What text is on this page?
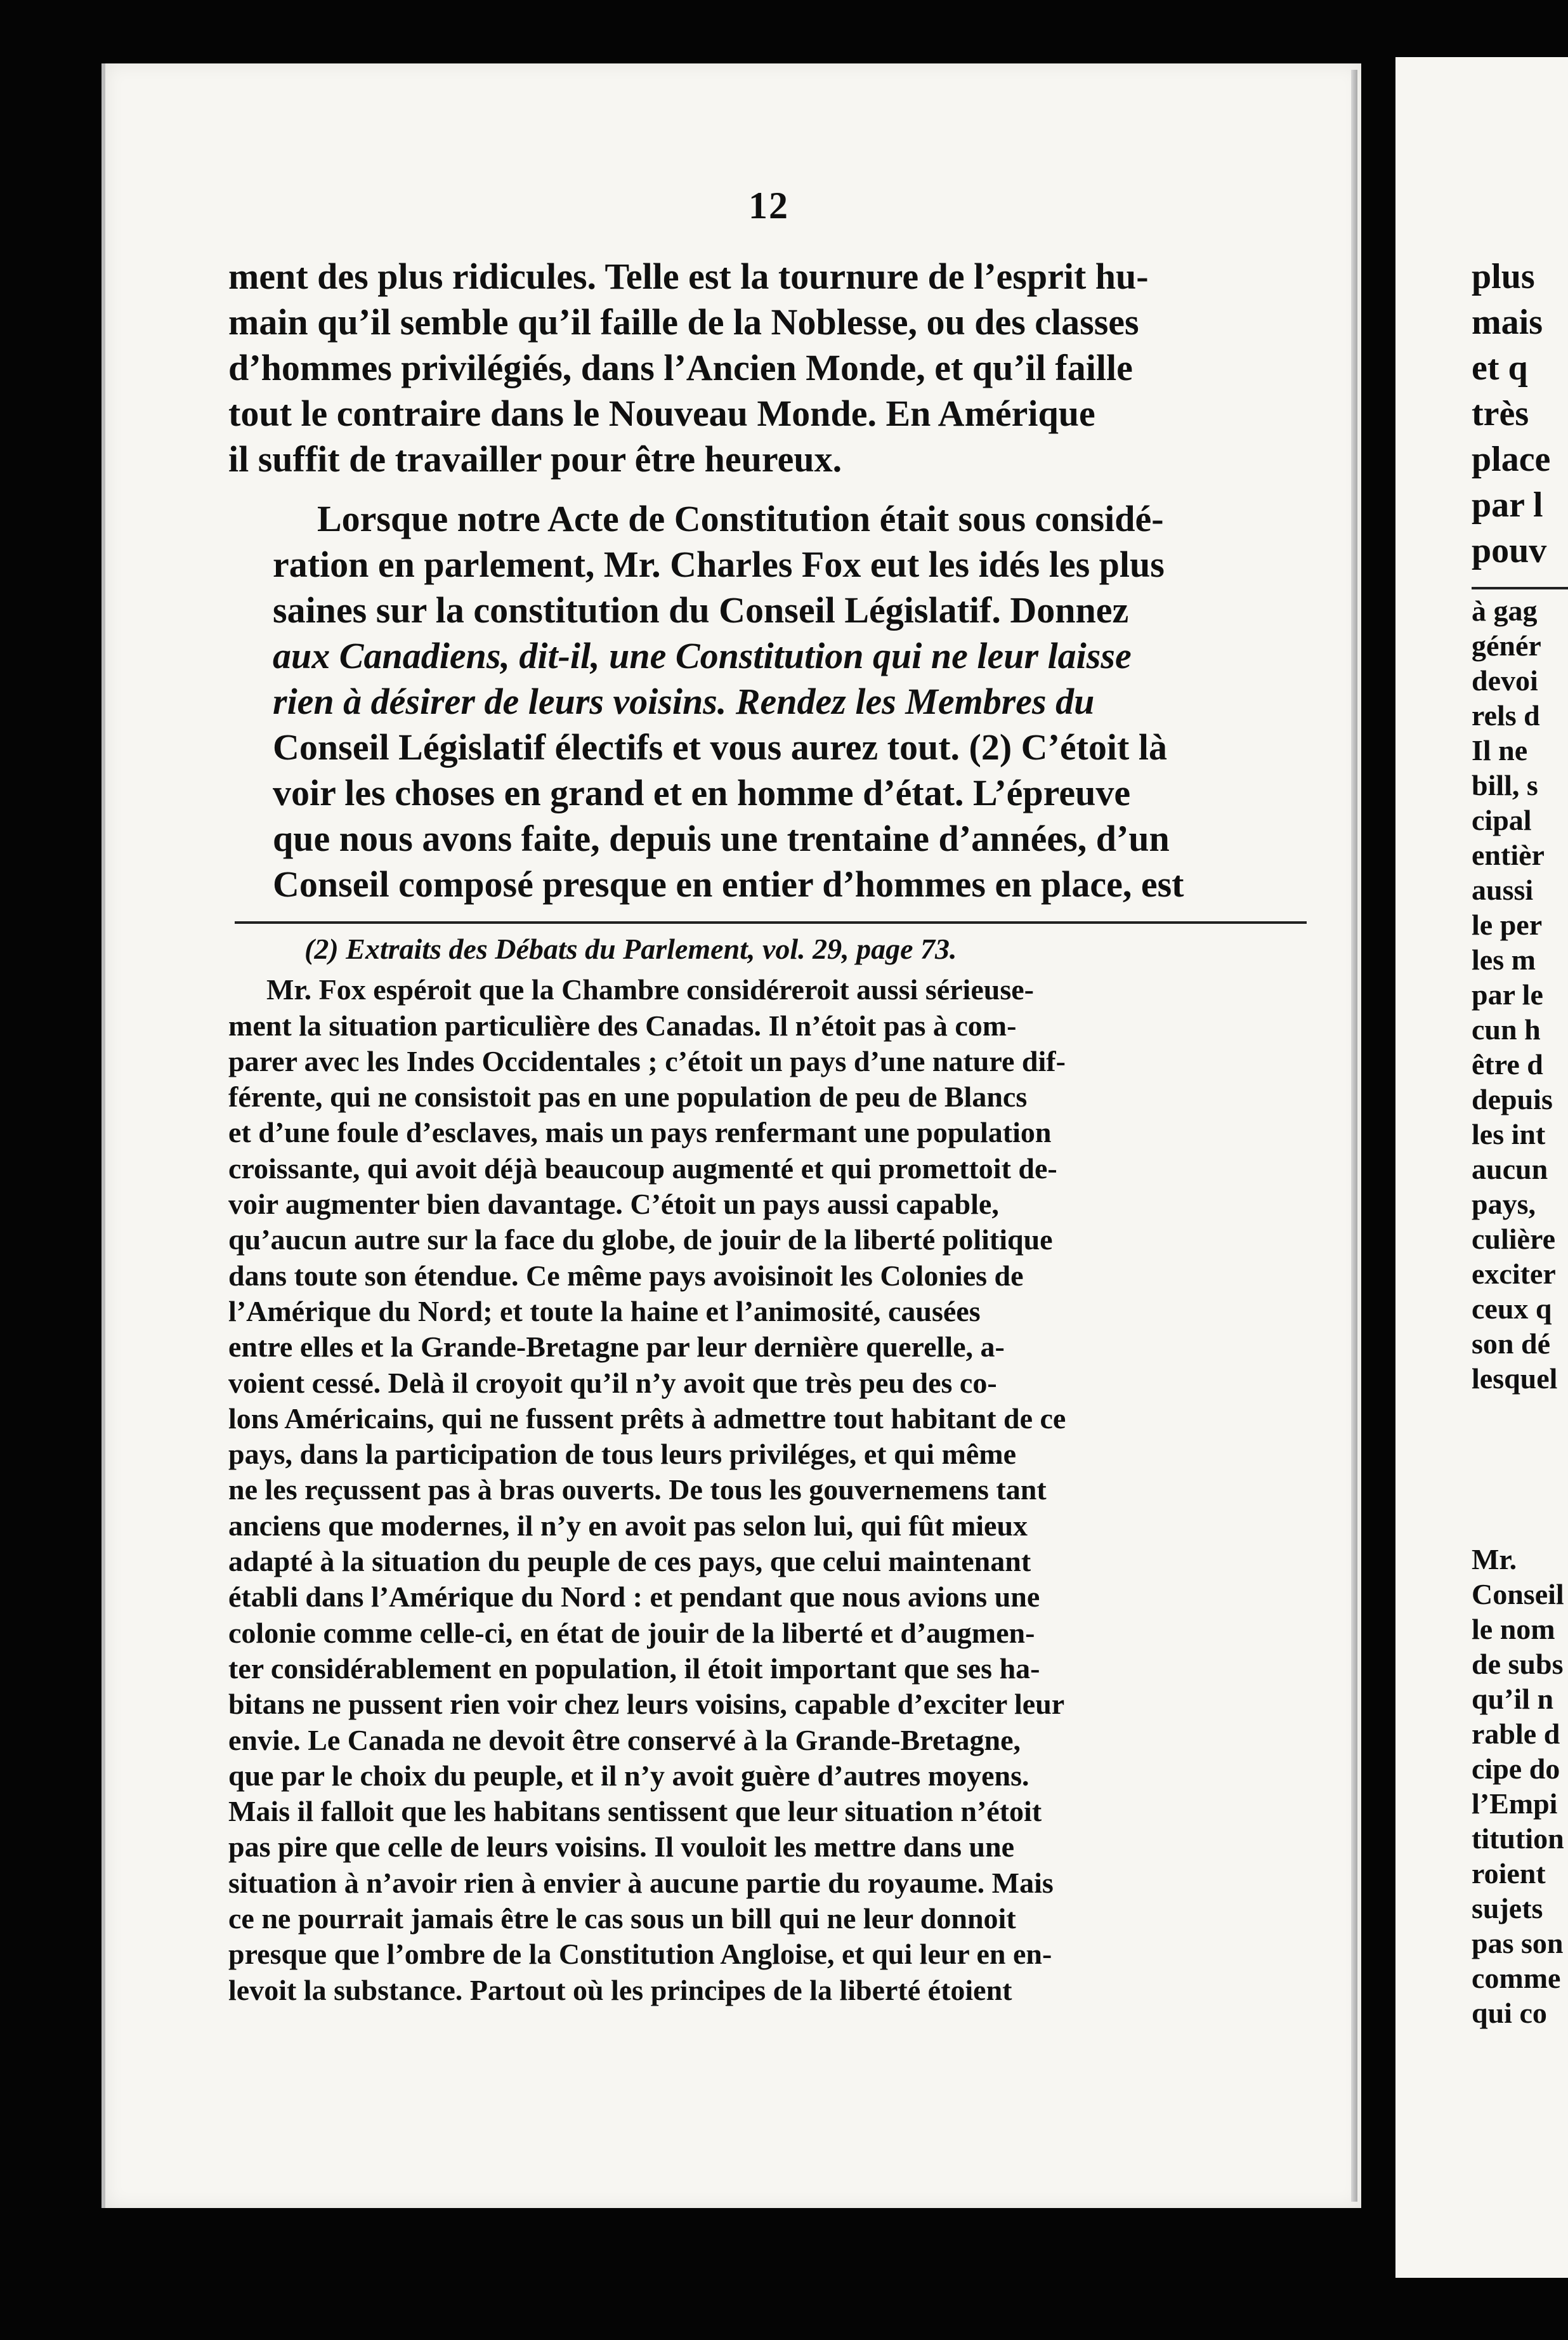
12

ment des plus ridicules. Telle est la tournure de l’esprit hu-
main qu’il semble qu’il faille de la Noblesse, ou des classes
d’hommes privilégiés, dans l’Ancien Monde, et qu’il faille
tout le contraire dans le Nouveau Monde. En Amérique
il suffit de travailler pour être heureux.

Lorsque notre Acte de Constitution était sous considé-
ration en parlement, Mr. Charles Fox eut les idés les plus
saines sur la constitution du Conseil Législatif. Donnez
aux Canadiens, dit-il, une Constitution qui ne leur laisse
rien à désirer de leurs voisins. Rendez les Membres du
Conseil Législatif électifs et vous aurez tout. (2) C’étoit là
voir les choses en grand et en homme d’état. L’épreuve
que nous avons faite, depuis une trentaine d’années, d’un
Conseil composé presque en entier d’hommes en place, est

(2) Extraits des Débats du Parlement, vol. 29, page 73.

Mr. Fox espéroit que la Chambre considéreroit aussi sérieuse-
ment la situation particulière des Canadas. Il n’étoit pas à com-
parer avec les Indes Occidentales ; c’étoit un pays d’une nature dif-
férente, qui ne consistoit pas en une population de peu de Blancs
et d’une foule d’esclaves, mais un pays renfermant une population
croissante, qui avoit déjà beaucoup augmenté et qui promettoit de-
voir augmenter bien davantage. C’étoit un pays aussi capable,
qu’aucun autre sur la face du globe, de jouir de la liberté politique
dans toute son étendue. Ce même pays avoisinoit les Colonies de
l’Amérique du Nord; et toute la haine et l’animosité, causées
entre elles et la Grande-Bretagne par leur dernière querelle, a-
voient cessé. Delà il croyoit qu’il n’y avoit que très peu des co-
lons Américains, qui ne fussent prêts à admettre tout habitant de ce
pays, dans la participation de tous leurs priviléges, et qui même
ne les reçussent pas à bras ouverts. De tous les gouvernemens tant
anciens que modernes, il n’y en avoit pas selon lui, qui fût mieux
adapté à la situation du peuple de ces pays, que celui maintenant
établi dans l’Amérique du Nord : et pendant que nous avions une
colonie comme celle-ci, en état de jouir de la liberté et d’augmen-
ter considérablement en population, il étoit important que ses ha-
bitans ne pussent rien voir chez leurs voisins, capable d’exciter leur
envie. Le Canada ne devoit être conservé à la Grande-Bretagne,
que par le choix du peuple, et il n’y avoit guère d’autres moyens.
Mais il falloit que les habitans sentissent que leur situation n’étoit
pas pire que celle de leurs voisins. Il vouloit les mettre dans une
situation à n’avoir rien à envier à aucune partie du royaume. Mais
ce ne pourrait jamais être le cas sous un bill qui ne leur donnoit
presque que l’ombre de la Constitution Angloise, et qui leur en en-
levoit la substance. Partout où les principes de la liberté étoient

plus
mais
et q
très
place
par l
pouv
à gag
génér
devoi
rels d
Il ne
bill, s
cipal
entièr
aussi
le per
les m
par le
cun h
être d
depuis
les int
aucun
pays,
culière
exciter
ceux q
son dé
lesquel
Mr.
Conseil
le nom
de subs
qu’il n
rable d
cipe do
l’Empi
titution
roient
sujets
pas son
comme
qui co
